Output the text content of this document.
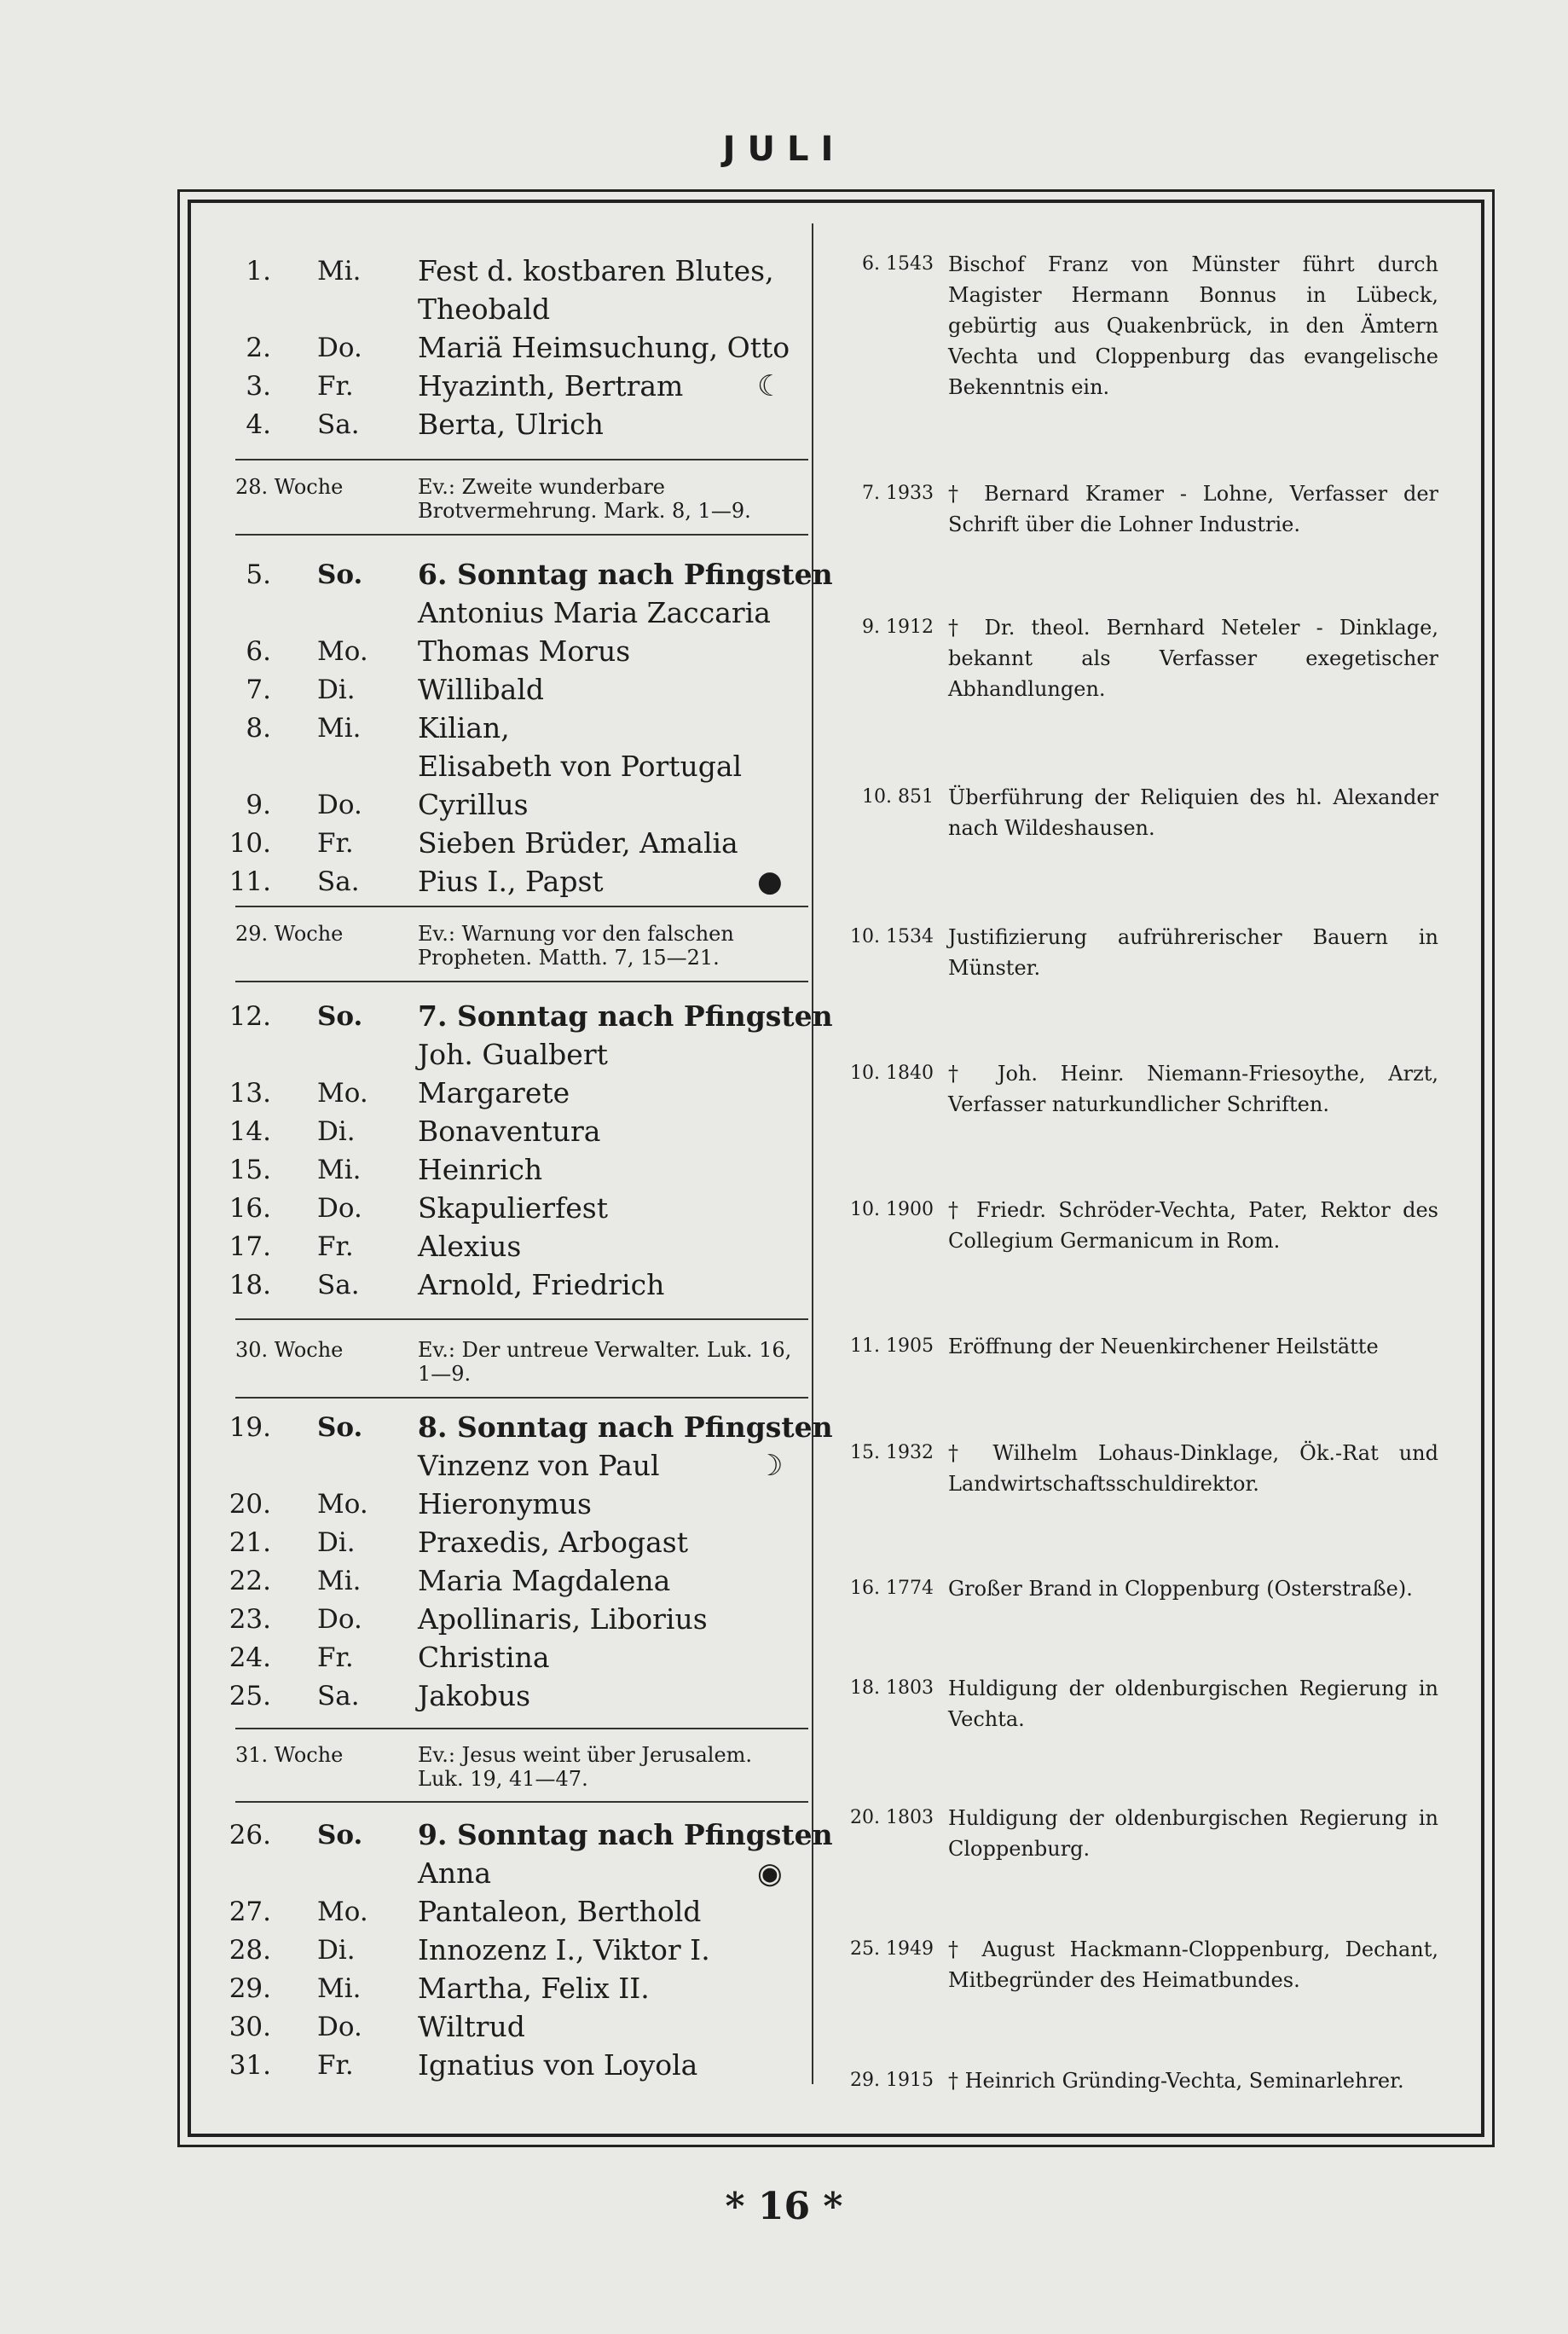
JULI
1. Mi. Fest d. kostbaren Blutes,
Theobald
2. Do. Mariä Heimsuchung, Otto
3. Fr. Hyazinth, Bertram	☾
4. Sa. Berta, Ulrich
5. So. 6. Sonntag nach Pfingsten
Antonius Maria Zaccaria
6. Mo. Thomas Morus
7. Di. Willibald
8. Mi. Kilian,
Elisabeth von Portugal
9. Do. Cyrillus
10. Fr. Sieben Brüder, Amalia
11. Sa. Pius I., Papst	●
12. So. 7. Sonntag nach Pfingsten
Joh. Gualbert
13. Mo. Margarete
14. Di. Bonaventura
15. Mi. Heinrich
16. Do. Skapulierfest
17. Fr. Alexius
18. Sa. Arnold, Friedrich
19. So. 8. Sonntag nach Pfingsten
Vinzenz von Paul	☽
20. Mo. Hieronymus
21. Di. Praxedis, Arbogast
22. Mi. Maria Magdalena
23. Do. Apollinaris, Liborius
24. Fr. Christina
25. Sa. Jakobus
26. So. 9. Sonntag nach Pfingsten
Anna	◉
27. Mo. Pantaleon, Berthold
28. Di. Innozenz I., Viktor I.
29. Mi. Martha, Felix II.
30. Do. Wiltrud
31. Fr. Ignatius von Loyola
28. Woche	Ev.: Zweite wunderbare Brotvermehrung. Mark. 8, 1—9.
29. Woche	Ev.: Warnung vor den falschen Propheten. Matth. 7, 15—21.
30. Woche	Ev.: Der untreue Verwalter. Luk. 16, 1—9.
31. Woche	Ev.: Jesus weint über Jerusalem. Luk. 19, 41—47.
6. 1543 Bischof Franz von Münster führt durch Magister Hermann Bonnus in Lübeck, gebürtig aus Quakenbrück, in den Ämtern Vechta und Cloppenburg das evangelische Bekenntnis ein.
7. 1933 † Bernard Kramer - Lohne, Verfasser der Schrift über die Lohner Industrie.
9. 1912 † Dr. theol. Bernhard Neteler - Dinklage, bekannt als Verfasser exegetischer Abhandlungen.
10. 851 Überführung der Reliquien des hl. Alexander nach Wildeshausen.
10. 1534 Justifizierung aufrührerischer Bauern in Münster.
10. 1840 † Joh. Heinr. Niemann-Friesoythe, Arzt, Verfasser naturkundlicher Schriften.
10. 1900 † Friedr. Schröder-Vechta, Pater, Rektor des Collegium Germanicum in Rom.
11. 1905 Eröffnung der Neuenkirchener Heilstätte
15. 1932 † Wilhelm Lohaus-Dinklage, Ök.-Rat und Landwirtschaftsschuldirektor.
16. 1774 Großer Brand in Cloppenburg (Osterstraße).
18. 1803 Huldigung der oldenburgischen Regierung in Vechta.
20. 1803 Huldigung der oldenburgischen Regierung in Cloppenburg.
25. 1949 † August Hackmann-Cloppenburg, Dechant, Mitbegründer des Heimatbundes.
29. 1915 † Heinrich Gründing-Vechta, Seminarlehrer.
* 16 *
